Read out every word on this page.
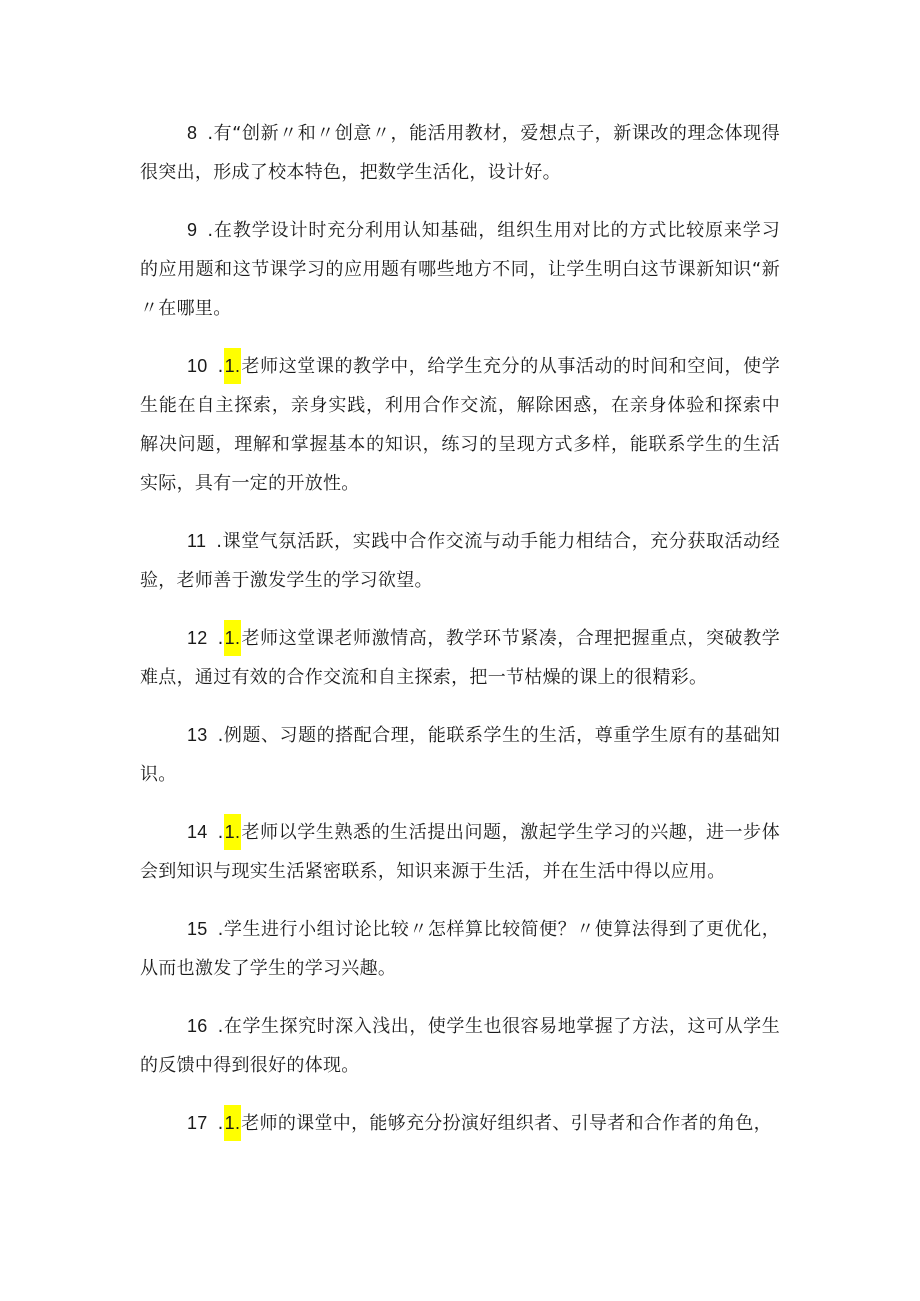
8 .有“创新〃和〃创意〃，能活用教材，爱想点子，新课改的理念体现得很突出，形成了校本特色，把数学生活化，设计好。

9 .在教学设计时充分利用认知基础，组织生用对比的方式比较原来学习的应用题和这节课学习的应用题有哪些地方不同，让学生明白这节课新知识“新〃在哪里。

10 .1.老师这堂课的教学中，给学生充分的从事活动的时间和空间，使学生能在自主探索，亲身实践，利用合作交流，解除困惑，在亲身体验和探索中解决问题，理解和掌握基本的知识，练习的呈现方式多样，能联系学生的生活实际，具有一定的开放性。

11 .课堂气氛活跃，实践中合作交流与动手能力相结合，充分获取活动经验，老师善于激发学生的学习欲望。

12 .1.老师这堂课老师激情高，教学环节紧凑，合理把握重点，突破教学难点，通过有效的合作交流和自主探索，把一节枯燥的课上的很精彩。

13 .例题、习题的搭配合理，能联系学生的生活，尊重学生原有的基础知识。

14 .1.老师以学生熟悉的生活提出问题，激起学生学习的兴趣，进一步体会到知识与现实生活紧密联系，知识来源于生活，并在生活中得以应用。

15 .学生进行小组讨论比较〃怎样算比较简便？〃使算法得到了更优化，从而也激发了学生的学习兴趣。

16 .在学生探究时深入浅出，使学生也很容易地掌握了方法，这可从学生的反馈中得到很好的体现。

17 .1.老师的课堂中，能够充分扮演好组织者、引导者和合作者的角色，
